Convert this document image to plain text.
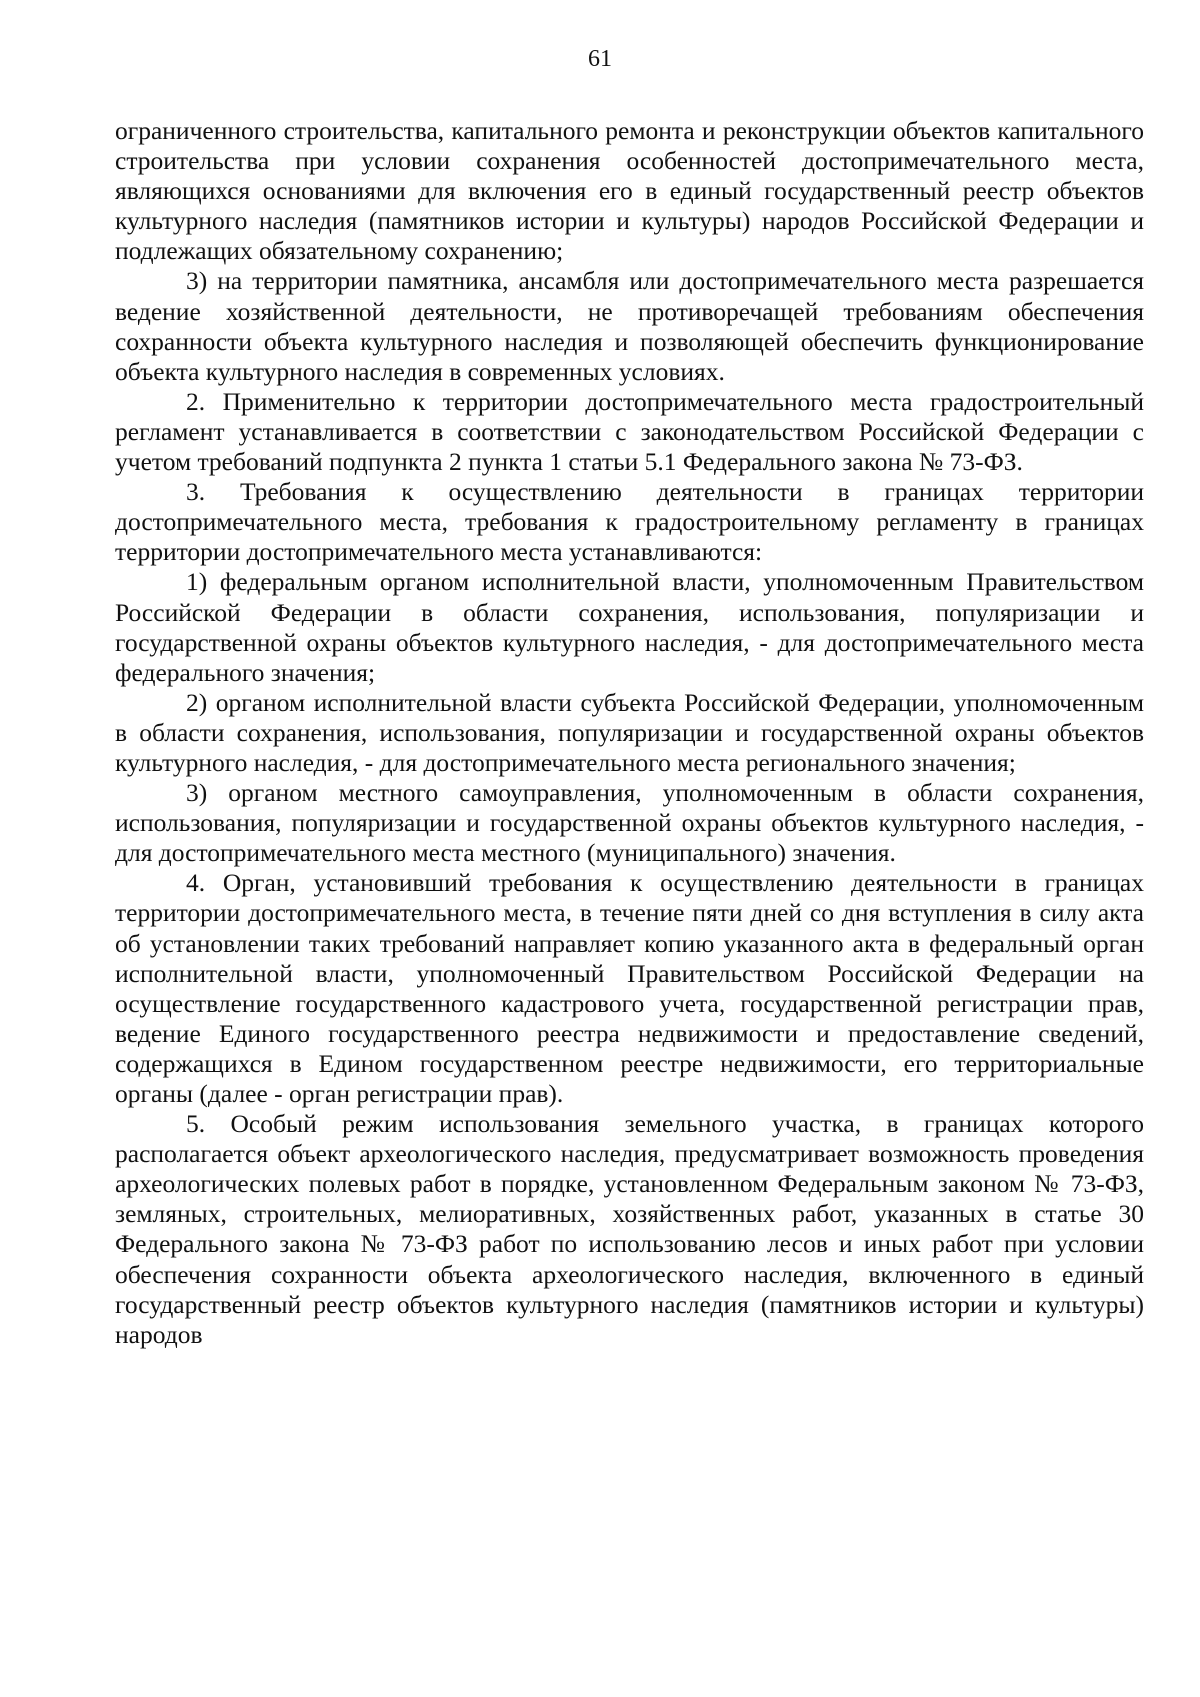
61

ограниченного строительства, капитального ремонта и реконструкции объектов капитального строительства при условии сохранения особенностей достопримечательного места, являющихся основаниями для включения его в единый государственный реестр объектов культурного наследия (памятников истории и культуры) народов Российской Федерации и подлежащих обязательному сохранению;

3) на территории памятника, ансамбля или достопримечательного места разрешается ведение хозяйственной деятельности, не противоречащей требованиям обеспечения сохранности объекта культурного наследия и позволяющей обеспечить функционирование объекта культурного наследия в современных условиях.

2. Применительно к территории достопримечательного места градостроительный регламент устанавливается в соответствии с законодательством Российской Федерации с учетом требований подпункта 2 пункта 1 статьи 5.1 Федерального закона № 73-ФЗ.

3. Требования к осуществлению деятельности в границах территории достопримечательного места, требования к градостроительному регламенту в границах территории достопримечательного места устанавливаются:

1) федеральным органом исполнительной власти, уполномоченным Правительством Российской Федерации в области сохранения, использования, популяризации и государственной охраны объектов культурного наследия, - для достопримечательного места федерального значения;

2) органом исполнительной власти субъекта Российской Федерации, уполномоченным в области сохранения, использования, популяризации и государственной охраны объектов культурного наследия, - для достопримечательного места регионального значения;

3) органом местного самоуправления, уполномоченным в области сохранения, использования, популяризации и государственной охраны объектов культурного наследия, - для достопримечательного места местного (муниципального) значения.

4. Орган, установивший требования к осуществлению деятельности в границах территории достопримечательного места, в течение пяти дней со дня вступления в силу акта об установлении таких требований направляет копию указанного акта в федеральный орган исполнительной власти, уполномоченный Правительством Российской Федерации на осуществление государственного кадастрового учета, государственной регистрации прав, ведение Единого государственного реестра недвижимости и предоставление сведений, содержащихся в Едином государственном реестре недвижимости, его территориальные органы (далее - орган регистрации прав).

5. Особый режим использования земельного участка, в границах которого располагается объект археологического наследия, предусматривает возможность проведения археологических полевых работ в порядке, установленном Федеральным законом № 73-ФЗ, земляных, строительных, мелиоративных, хозяйственных работ, указанных в статье 30 Федерального закона № 73-ФЗ работ по использованию лесов и иных работ при условии обеспечения сохранности объекта археологического наследия, включенного в единый государственный реестр объектов культурного наследия (памятников истории и культуры) народов
